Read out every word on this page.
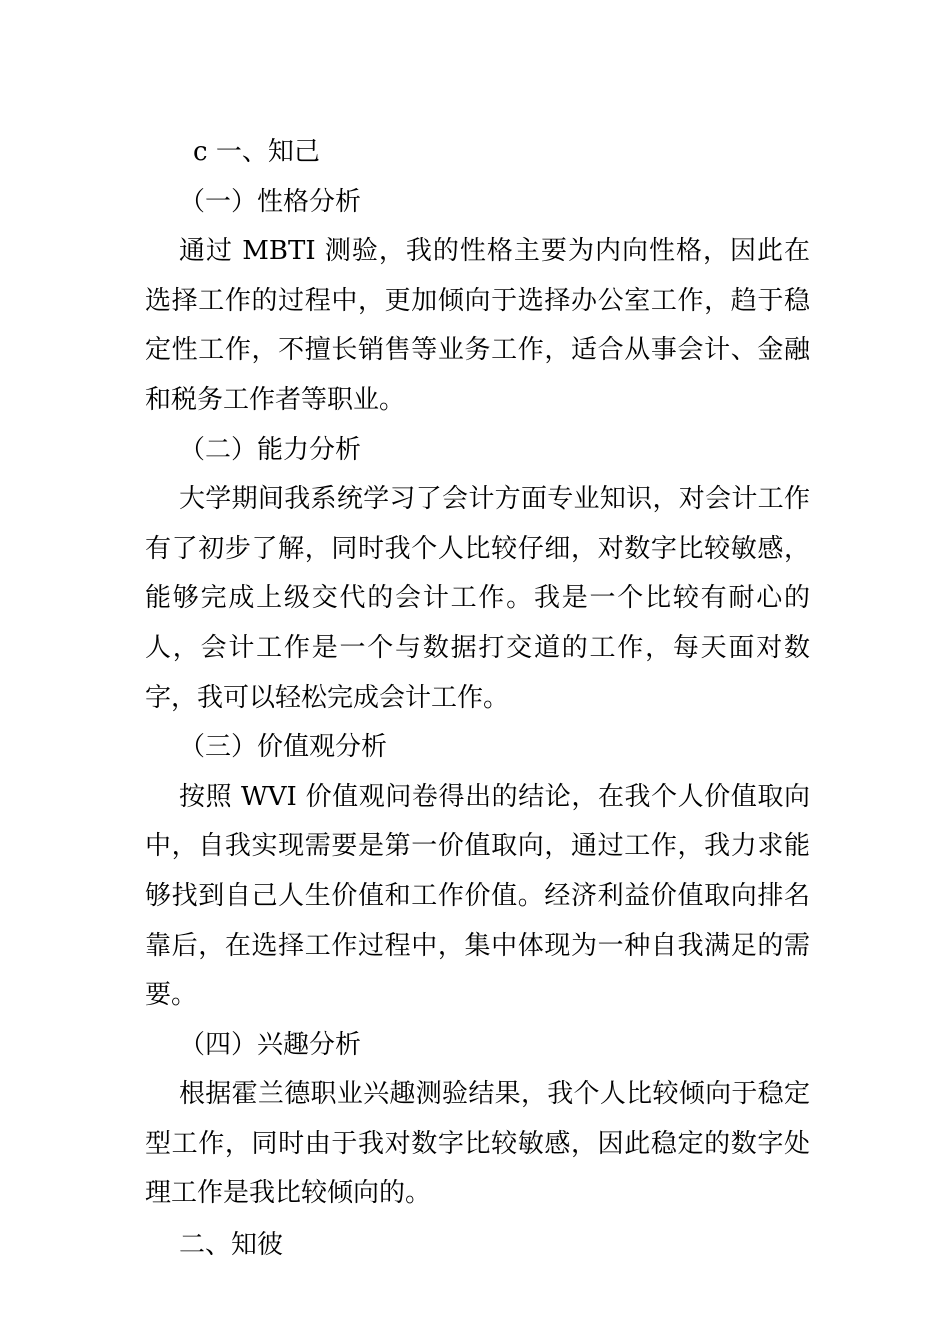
c 一、知己
（一）性格分析
通过 MBTI 测验，我的性格主要为内向性格，因此在选择工作的过程中，更加倾向于选择办公室工作，趋于稳定性工作，不擅长销售等业务工作，适合从事会计、金融和税务工作者等职业。
（二）能力分析
大学期间我系统学习了会计方面专业知识，对会计工作有了初步了解，同时我个人比较仔细，对数字比较敏感，能够完成上级交代的会计工作。我是一个比较有耐心的人，会计工作是一个与数据打交道的工作，每天面对数字，我可以轻松完成会计工作。
（三）价值观分析
按照 WVI 价值观问卷得出的结论，在我个人价值取向中，自我实现需要是第一价值取向，通过工作，我力求能够找到自己人生价值和工作价值。经济利益价值取向排名靠后，在选择工作过程中，集中体现为一种自我满足的需要。
（四）兴趣分析
根据霍兰德职业兴趣测验结果，我个人比较倾向于稳定型工作，同时由于我对数字比较敏感，因此稳定的数字处理工作是我比较倾向的。
二、知彼
